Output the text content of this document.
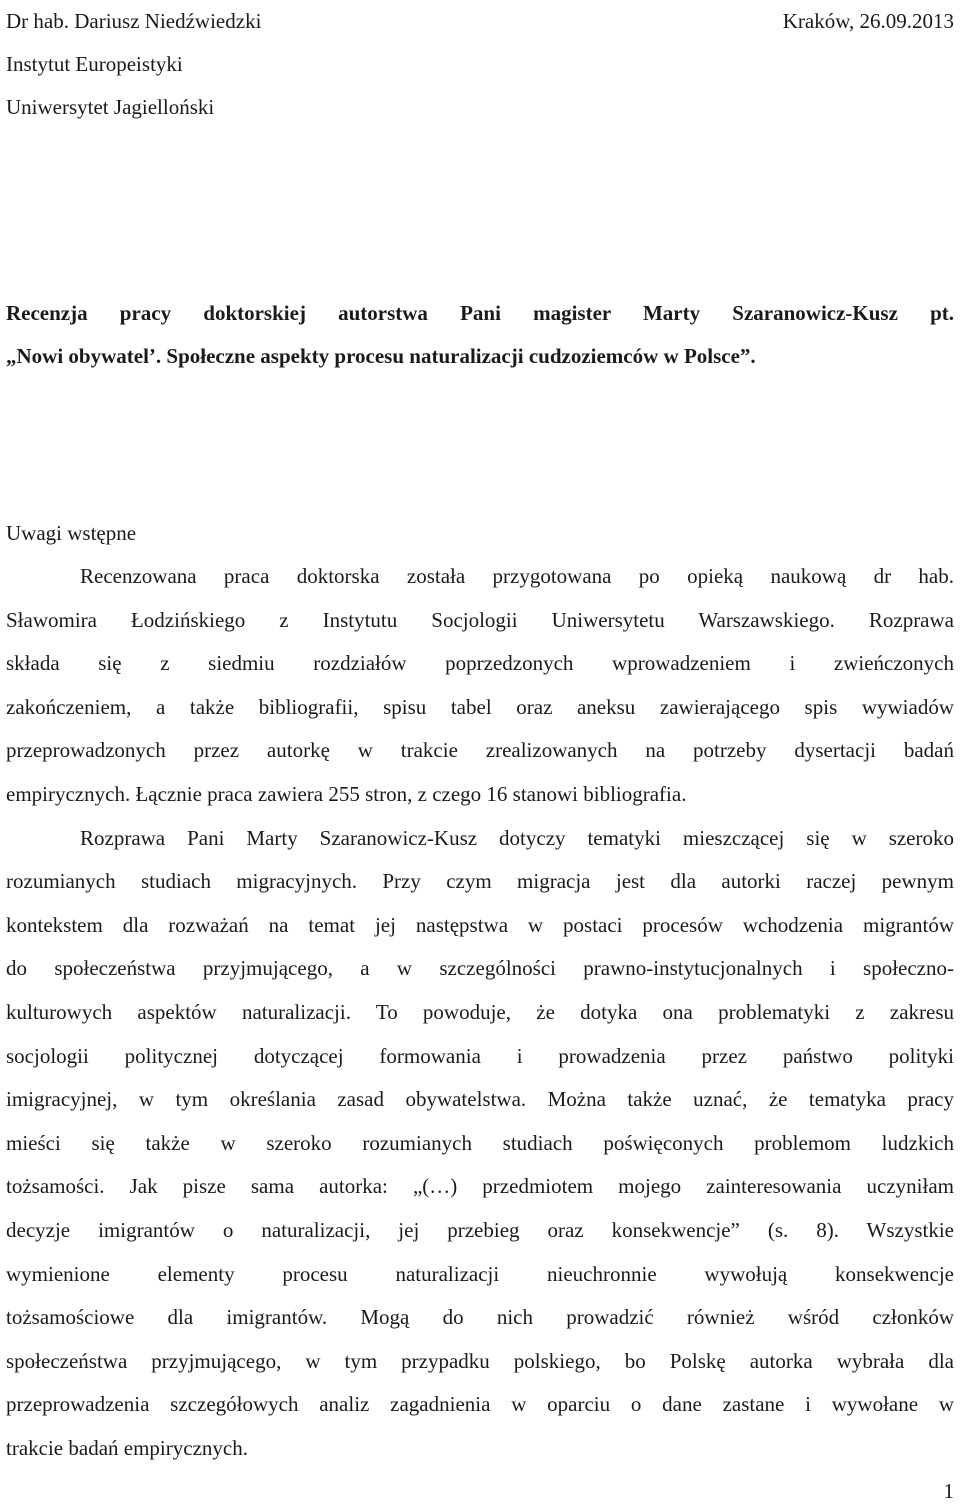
Dr hab. Dariusz Niedźwiedzki	Kraków, 26.09.2013
Instytut Europeistyki
Uniwersytet Jagielloński
Recenzja pracy doktorskiej autorstwa Pani magister Marty Szaranowicz-Kusz pt.
„Nowi obywatel’. Społeczne aspekty procesu naturalizacji cudzoziemców w Polsce”.
Uwagi wstępne
Recenzowana praca doktorska została przygotowana po opieką naukową dr hab.
Sławomira Łodzińskiego z Instytutu Socjologii Uniwersytetu Warszawskiego. Rozprawa
składa się z siedmiu rozdziałów poprzedzonych wprowadzeniem i zwieńczonych
zakończeniem, a także bibliografii, spisu tabel oraz aneksu zawierającego spis wywiadów
przeprowadzonych przez autorkę w trakcie zrealizowanych na potrzeby dysertacji badań
empirycznych. Łącznie praca zawiera 255 stron, z czego 16 stanowi bibliografia.
Rozprawa Pani Marty Szaranowicz-Kusz dotyczy tematyki mieszczącej się w szeroko
rozumianych studiach migracyjnych. Przy czym migracja jest dla autorki raczej pewnym
kontekstem dla rozważań na temat jej następstwa w postaci procesów wchodzenia migrantów
do społeczeństwa przyjmującego, a w szczególności prawno-instytucjonalnych i społeczno-
kulturowych aspektów naturalizacji. To powoduje, że dotyka ona problematyki z zakresu
socjologii politycznej dotyczącej formowania i prowadzenia przez państwo polityki
imigracyjnej, w tym określania zasad obywatelstwa. Można także uznać, że tematyka pracy
mieści się także w szeroko rozumianych studiach poświęconych problemom ludzkich
tożsamości. Jak pisze sama autorka: „(…) przedmiotem mojego zainteresowania uczyniłam
decyzje imigrantów o naturalizacji, jej przebieg oraz konsekwencje” (s. 8). Wszystkie
wymienione elementy procesu naturalizacji nieuchronnie wywołują konsekwencje
tożsamościowe dla imigrantów. Mogą do nich prowadzić również wśród członków
społeczeństwa przyjmującego, w tym przypadku polskiego, bo Polskę autorka wybrała dla
przeprowadzenia szczegółowych analiz zagadnienia w oparciu o dane zastane i wywołane w
trakcie badań empirycznych.
1
